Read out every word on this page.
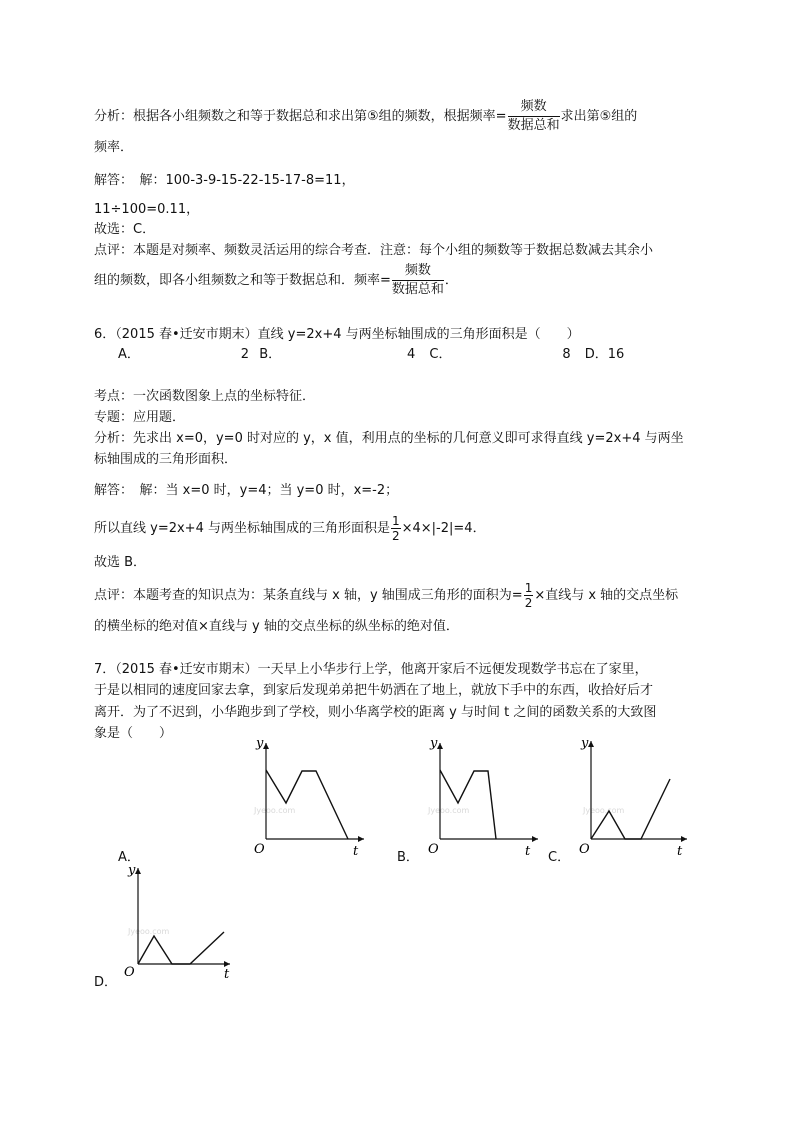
分析：根据各小组频数之和等于数据总和求出第⑤组的频数，根据频率= $\frac{\text{频数}}{\text{数据总和}}$ 求出第⑤组的
频率．
解答：　解：100-3-9-15-22-15-17-8=11，
11÷100=0.11，
故选：C．
点评：本题是对频率、频数灵活运用的综合考查．注意：每个小组的频数等于数据总数减去其余小
组的频数，即各小组频数之和等于数据总和．频率= $\frac{\text{频数}}{\text{数据总和}}$ ．
6．（2015 春•迁安市期末）直线 y=2x+4 与两坐标轴围成的三角形面积是（　　）
A．	2 B．	4 C．	8 D．16
考点：一次函数图象上点的坐标特征．
专题：应用题．
分析：先求出 x=0，y=0 时对应的 y，x 值，利用点的坐标的几何意义即可求得直线 y=2x+4 与两坐
标轴围成的三角形面积．
解答：　解：当 x=0 时，y=4；当 y=0 时，x=-2；
所以直线 y=2x+4 与两坐标轴围成的三角形面积是 $\frac{1}{2} \times 4\times|-2|=4$．
故选 B．
点评：本题考查的知识点为：某条直线与 x 轴，y 轴围成三角形的面积为= $\frac{1}{2}$ ×直线与 x 轴的交点坐标
的横坐标的绝对值×直线与 y 轴的交点坐标的纵坐标的绝对值．
7．（2015 春•迁安市期末）一天早上小华步行上学，他离开家后不远便发现数学书忘在了家里，
于是以相同的速度回家去拿，到家后发现弟弟把牛奶洒在了地上，就放下手中的东西，收拾好后才
离开．为了不迟到，小华跑步到了学校，则小华离学校的距离 y 与时间 t 之间的函数关系的大致图
象是（　　）
A．
Jyeoo.com
y
t
O
B．
Jyeoo.com
y
t
O
C．
Jyeoo.com
y
t
O
D．
Jyeoo.com
y
t
O
